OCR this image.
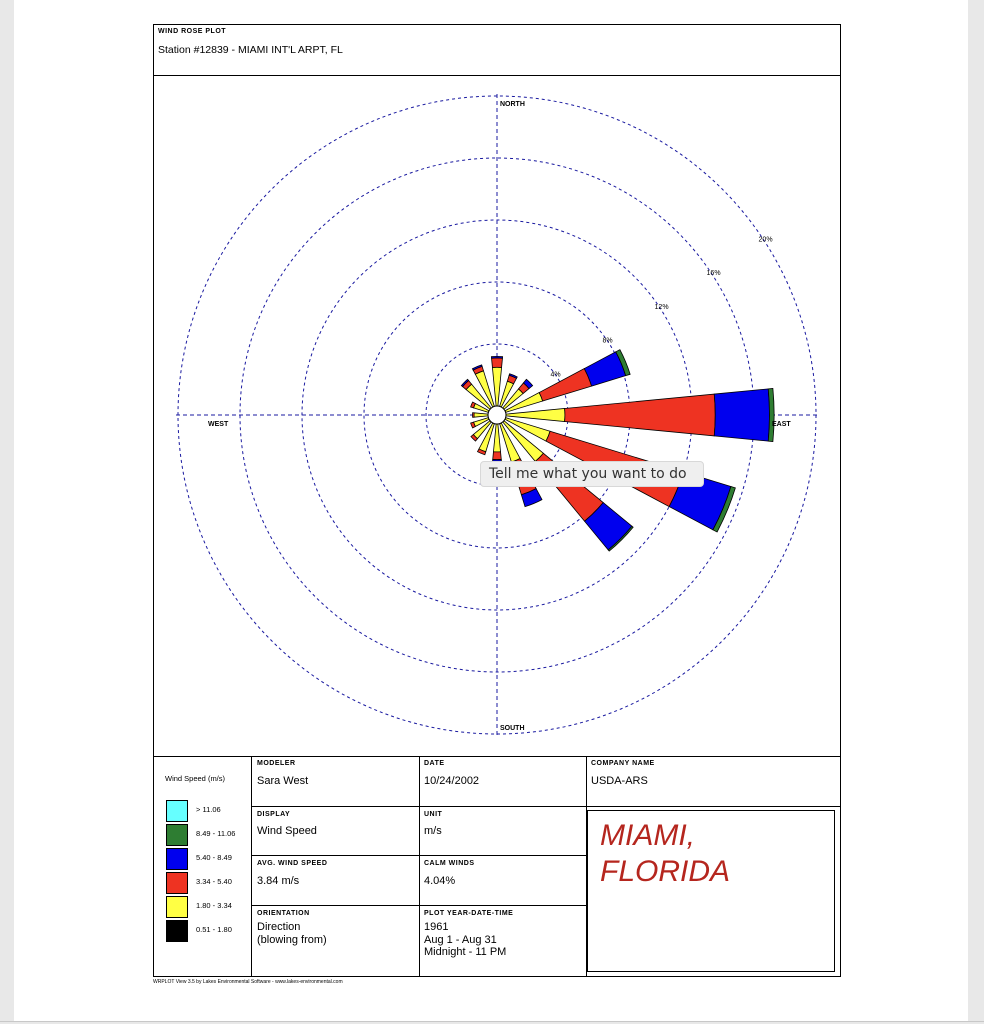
WIND ROSE PLOT
Station #12839 - MIAMI INT'L ARPT, FL
4%
8%
12%
16%
20%
NORTH
EAST
SOUTH
WEST
Tell me what you want to do
Wind Speed (m/s)
> 11.06
8.49 - 11.06
5.40 - 8.49
3.34 - 5.40
1.80 - 3.34
0.51 - 1.80
MODELER
Sara West
DATE
10/24/2002
COMPANY NAME
USDA-ARS
DISPLAY
Wind Speed
UNIT
m/s
AVG. WIND SPEED
3.84 m/s
CALM WINDS
4.04%
ORIENTATION
Direction
(blowing from)
PLOT YEAR-DATE-TIME
1961
Aug 1 - Aug 31
Midnight - 11 PM
MIAMI,
FLORIDA
WRPLOT View 3.5 by Lakes Environmental Software - www.lakes-environmental.com
